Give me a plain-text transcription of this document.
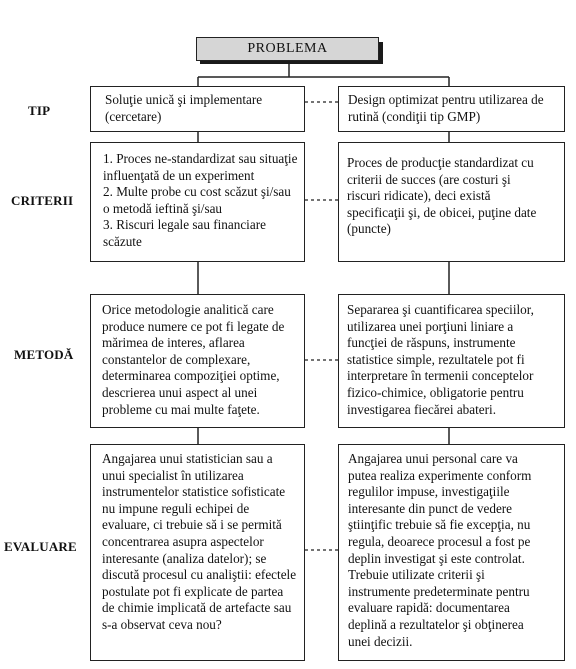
PROBLEMA
TIP
CRITERII
METODĂ
EVALUARE
Soluţie unică şi implementare
(cercetare)
Design optimizat pentru utilizarea de
rutină (condiţii tip GMP)
1. Proces ne-standardizat sau situaţie
influenţată de un experiment
2. Multe probe cu cost scăzut şi/sau
o metodă ieftină şi/sau
3. Riscuri legale sau financiare
scăzute
Proces de producţie standardizat cu
criterii de succes (are costuri şi
riscuri ridicate), deci există
specificaţii şi, de obicei, puţine date
(puncte)
Orice metodologie analitică care
produce numere ce pot fi legate de
mărimea de interes, aflarea
constantelor de complexare,
determinarea compoziţiei optime,
descrierea unui aspect al unei
probleme cu mai multe faţete.
Separarea şi cuantificarea speciilor,
utilizarea unei porţiuni liniare a
funcţiei de răspuns, instrumente
statistice simple, rezultatele pot fi
interpretare în termenii conceptelor
fizico-chimice, obligatorie pentru
investigarea fiecărei abateri.
Angajarea unui statistician sau a
unui specialist în utilizarea
instrumentelor statistice sofisticate
nu impune reguli echipei de
evaluare, ci trebuie să i se permită
concentrarea asupra aspectelor
interesante (analiza datelor); se
discută procesul cu analiştii: efectele
postulate pot fi explicate de partea
de chimie implicată de artefacte sau
s-a observat ceva nou?
Angajarea unui personal care va
putea realiza experimente conform
regulilor impuse, investigaţiile
interesante din punct de vedere
ştiinţific trebuie să fie excepţia, nu
regula, deoarece procesul a fost pe
deplin investigat şi este controlat.
Trebuie utilizate criterii şi
instrumente predeterminate pentru
evaluare rapidă: documentarea
deplină a rezultatelor şi obţinerea
unei decizii.
